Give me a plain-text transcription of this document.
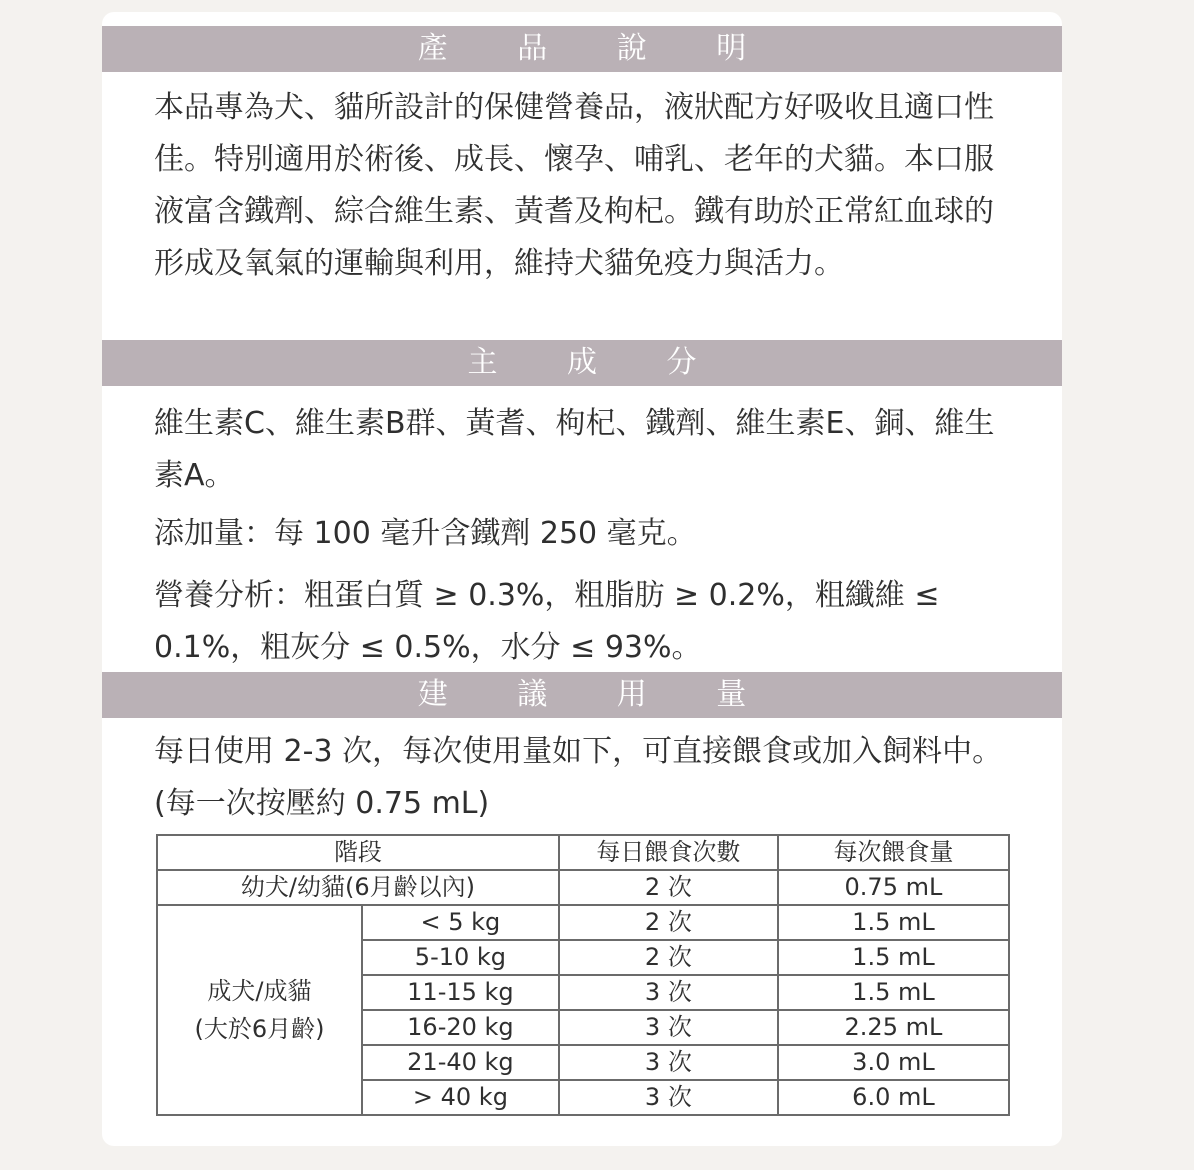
產 品 說 明

本品專為犬、貓所設計的保健營養品，液狀配方好吸收且適口性佳。特別適用於術後、成長、懷孕、哺乳、老年的犬貓。本口服液富含鐵劑、綜合維生素、黃耆及枸杞。鐵有助於正常紅血球的形成及氧氣的運輸與利用，維持犬貓免疫力與活力。

主 成 分

維生素C、維生素B群、黃耆、枸杞、鐵劑、維生素E、銅、維生素A。

添加量：每 100 毫升含鐵劑 250 毫克。

營養分析：粗蛋白質 ≥ 0.3%，粗脂肪 ≥ 0.2%，粗纖維 ≤ 0.1%，粗灰分 ≤ 0.5%，水分 ≤ 93%。

建 議 用 量

每日使用 2-3 次，每次使用量如下，可直接餵食或加入飼料中。(每一次按壓約 0.75 mL)

階段		每日餵食次數	每次餵食量
幼犬/幼貓(6月齡以內)		2 次	0.75 mL

成犬/成貓
(大於6月齡)	< 5 kg	2 次	1.5 mL
	5-10 kg	2 次	1.5 mL
	11-15 kg	3 次	1.5 mL
	16-20 kg	3 次	2.25 mL
	21-40 kg	3 次	3.0 mL
	> 40 kg	3 次	6.0 mL
